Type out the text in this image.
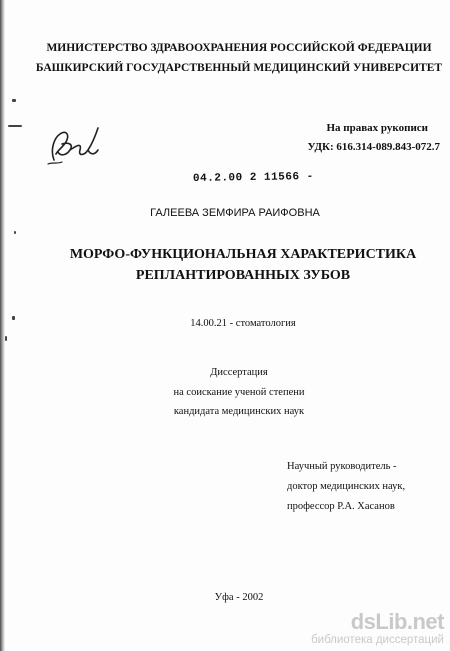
МИНИСТЕРСТВО ЗДРАВООХРАНЕНИЯ РОССИЙСКОЙ ФЕДЕРАЦИИ
БАШКИРСКИЙ ГОСУДАРСТВЕННЫЙ МЕДИЦИНСКИЙ УНИВЕРСИТЕТ
На правах рукописи
УДК: 616.314-089.843-072.7
04.2.00 2 11566 -
ГАЛЕЕВА ЗЕМФИРА РАИФОВНА
МОРФО-ФУНКЦИОНАЛЬНАЯ ХАРАКТЕРИСТИКА
РЕПЛАНТИРОВАННЫХ ЗУБОВ
14.00.21 - стоматология
Диссертация
на соискание ученой степени
кандидата медицинских наук
Научный руководитель -
доктор медицинских наук,
профессор Р.А. Хасанов
Уфа - 2002
dsLib.net
библиотека диссертаций
